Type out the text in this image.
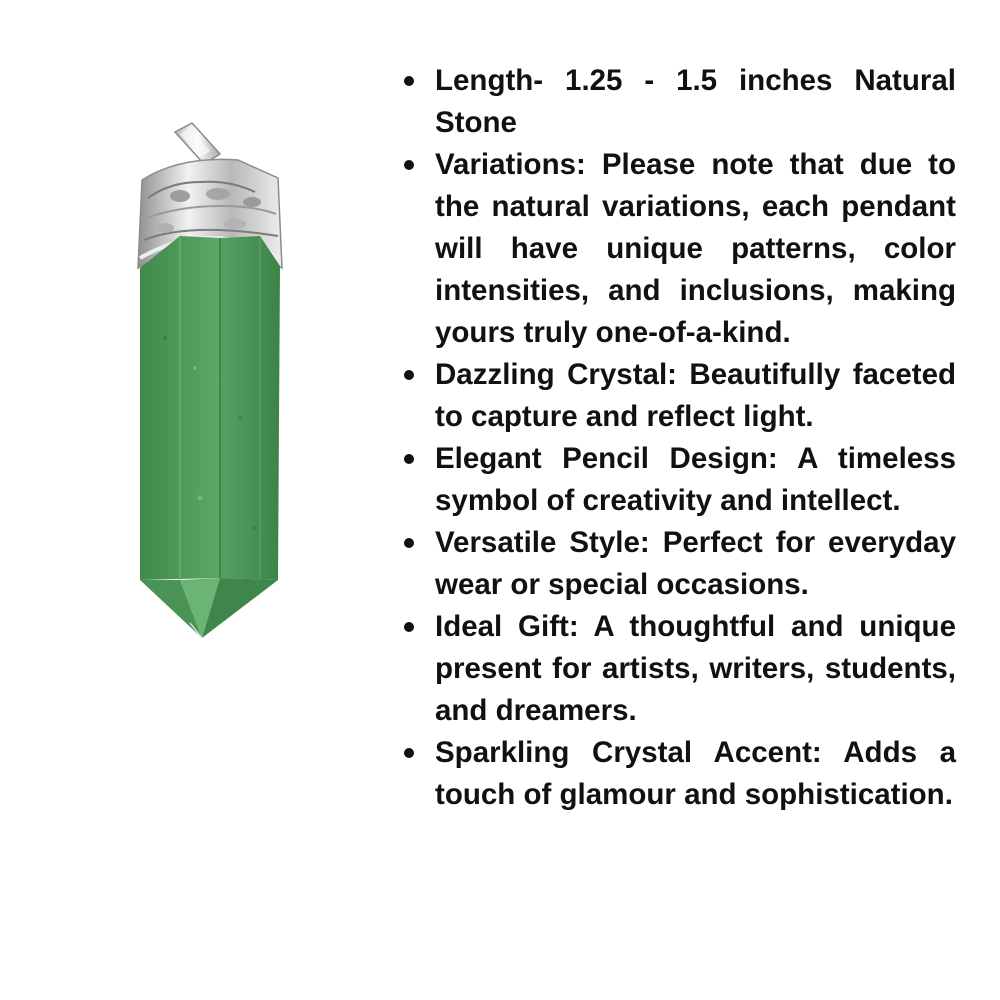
Length- 1.25 - 1.5 inches Natural Stone
Variations: Please note that due to the natural variations, each pendant will have unique patterns, color intensities, and inclusions, making yours truly one-of-a-kind.
Dazzling Crystal: Beautifully faceted to capture and reflect light.
Elegant Pencil Design: A timeless symbol of creativity and intellect.
Versatile Style: Perfect for everyday wear or special occasions.
Ideal Gift: A thoughtful and unique present for artists, writers, students, and dreamers.
Sparkling Crystal Accent: Adds a touch of glamour and sophistication.
